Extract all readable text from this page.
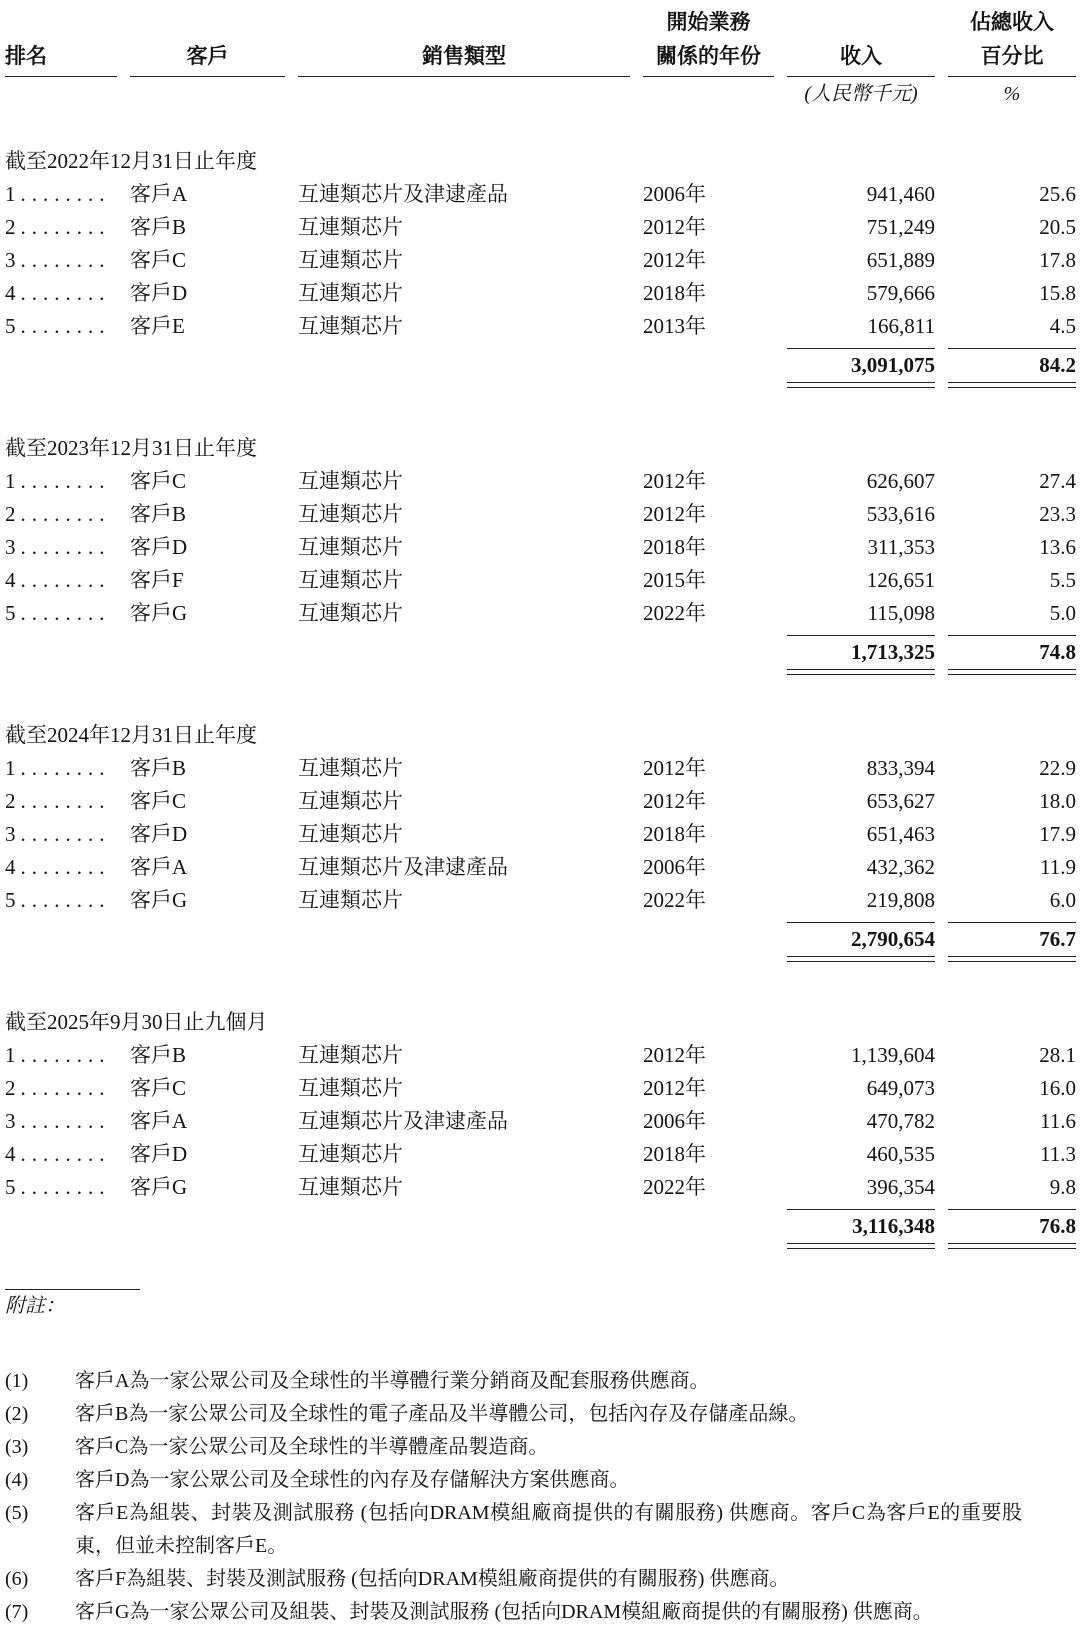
排名	客戶	銷售類型
開始業務
關係的年份	收入
佔總收入
百分比
(人民幣千元)	%
截至2022年12月31日止年度
1 ........ 客戶A	互連類芯片及津逮產品	2006年	941,460	25.6
2 ........ 客戶B	互連類芯片	2012年	751,249	20.5
3 ........ 客戶C	互連類芯片	2012年	651,889	17.8
4 ........ 客戶D	互連類芯片	2018年	579,666	15.8
5 ........ 客戶E	互連類芯片	2013年	166,811	4.5
3,091,075	84.2
截至2023年12月31日止年度
1 ........ 客戶C	互連類芯片	2012年	626,607	27.4
2 ........ 客戶B	互連類芯片	2012年	533,616	23.3
3 ........ 客戶D	互連類芯片	2018年	311,353	13.6
4 ........ 客戶F	互連類芯片	2015年	126,651	5.5
5 ........ 客戶G	互連類芯片	2022年	115,098	5.0
1,713,325	74.8
截至2024年12月31日止年度
1 ........ 客戶B	互連類芯片	2012年	833,394	22.9
2 ........ 客戶C	互連類芯片	2012年	653,627	18.0
3 ........ 客戶D	互連類芯片	2018年	651,463	17.9
4 ........ 客戶A	互連類芯片及津逮產品	2006年	432,362	11.9
5 ........ 客戶G	互連類芯片	2022年	219,808	6.0
2,790,654	76.7
截至2025年9月30日止九個月
1 ........ 客戶B	互連類芯片	2012年	1,139,604	28.1
2 ........ 客戶C	互連類芯片	2012年	649,073	16.0
3 ........ 客戶A	互連類芯片及津逮產品	2006年	470,782	11.6
4 ........ 客戶D	互連類芯片	2018年	460,535	11.3
5 ........ 客戶G	互連類芯片	2022年	396,354	9.8
3,116,348	76.8
附註：
(1)	客戶A為一家公眾公司及全球性的半導體行業分銷商及配套服務供應商。
(2)	客戶B為一家公眾公司及全球性的電子產品及半導體公司，包括內存及存儲產品線。
(3)	客戶C為一家公眾公司及全球性的半導體產品製造商。
(4)	客戶D為一家公眾公司及全球性的內存及存儲解決方案供應商。
(5)	客戶E為組裝、封裝及測試服務 (包括向DRAM模組廠商提供的有關服務) 供應商。客戶C為客戶E的重要股東，但並未控制客戶E。
(6)	客戶F為組裝、封裝及測試服務 (包括向DRAM模組廠商提供的有關服務) 供應商。
(7)	客戶G為一家公眾公司及組裝、封裝及測試服務 (包括向DRAM模組廠商提供的有關服務) 供應商。
